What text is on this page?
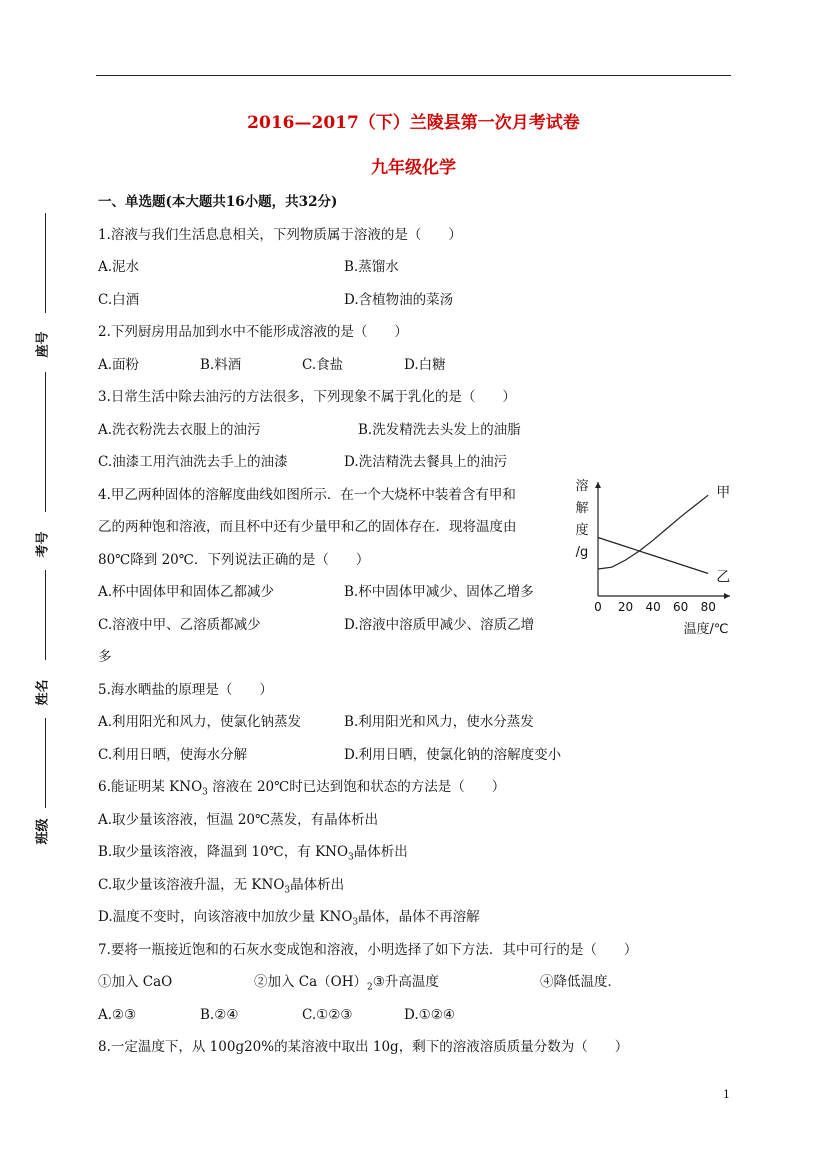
2016—2017（下）兰陵县第一次月考试卷
九年级化学
座号
考号
姓名
班级
一、单选题(本大题共16小题，共32分)
1.溶液与我们生活息息相关，下列物质属于溶液的是（　　）
A.泥水	B.蒸馏水
C.白酒	D.含植物油的菜汤
2.下列厨房用品加到水中不能形成溶液的是（　　）
A.面粉	B.料酒	C.食盐	D.白糖
3.日常生活中除去油污的方法很多，下列现象不属于乳化的是（　　）
A.洗衣粉洗去衣服上的油污	B.洗发精洗去头发上的油脂
C.油漆工用汽油洗去手上的油漆	D.洗洁精洗去餐具上的油污
4.甲乙两种固体的溶解度曲线如图所示．在一个大烧杯中装着含有甲和
乙的两种饱和溶液，而且杯中还有少量甲和乙的固体存在．现将温度由
80℃降到 20℃．下列说法正确的是（　　）
A.杯中固体甲和固体乙都减少	B.杯中固体甲减少、固体乙增多
C.溶液中甲、乙溶质都减少	D.溶液中溶质甲减少、溶质乙增
多
溶
解
度
/g
0 20 40 60 80
温度/℃
甲
乙
5.海水晒盐的原理是（　　）
A.利用阳光和风力，使氯化钠蒸发	B.利用阳光和风力，使水分蒸发
C.利用日晒，使海水分解	D.利用日晒，使氯化钠的溶解度变小
6.能证明某 $KNO_3$ 溶液在 20℃时已达到饱和状态的方法是（　　）
A.取少量该溶液，恒温 20℃蒸发，有晶体析出
B.取少量该溶液，降温到 10℃，有 $KNO_3$晶体析出
C.取少量该溶液升温，无 $KNO_3$晶体析出
D.温度不变时，向该溶液中加放少量 $KNO_3$晶体，晶体不再溶解
7.要将一瓶接近饱和的石灰水变成饱和溶液，小明选择了如下方法．其中可行的是（　　）
①加入 CaO	②加入 $Ca(OH)_2③$升高温度	④降低温度．
A.②③	B.②④	C.①②③	D.①②④
8.一定温度下，从 100g20%的某溶液中取出 10g，剩下的溶液溶质质量分数为（　　）
1
